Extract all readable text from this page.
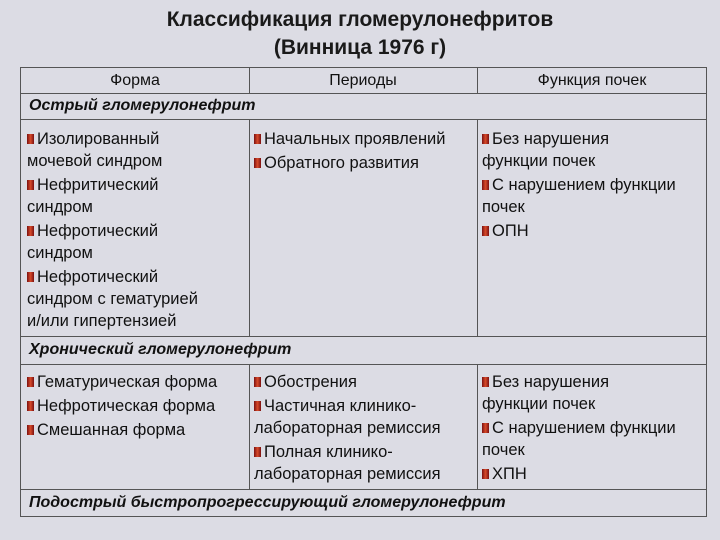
Классификация гломерулонефритов
(Винница 1976 г)
Форма	Периоды	Функция почек
Острый гломерулонефрит
Изолированный
мочевой синдром
Нефритический
синдром
Нефротический
синдром
Нефротический
синдром с гематурией
и/или гипертензией
Начальных проявлений
Обратного развития
Без нарушения
функции почек
С нарушением функции
почек
ОПН
Хронический гломерулонефрит
Гематурическая форма
Нефротическая форма
Смешанная форма
Обострения
Частичная клинико-
лабораторная ремиссия
Полная клинико-
лабораторная ремиссия
Без нарушения
функции почек
С нарушением функции
почек
ХПН
Подострый быстропрогрессирующий гломерулонефрит
